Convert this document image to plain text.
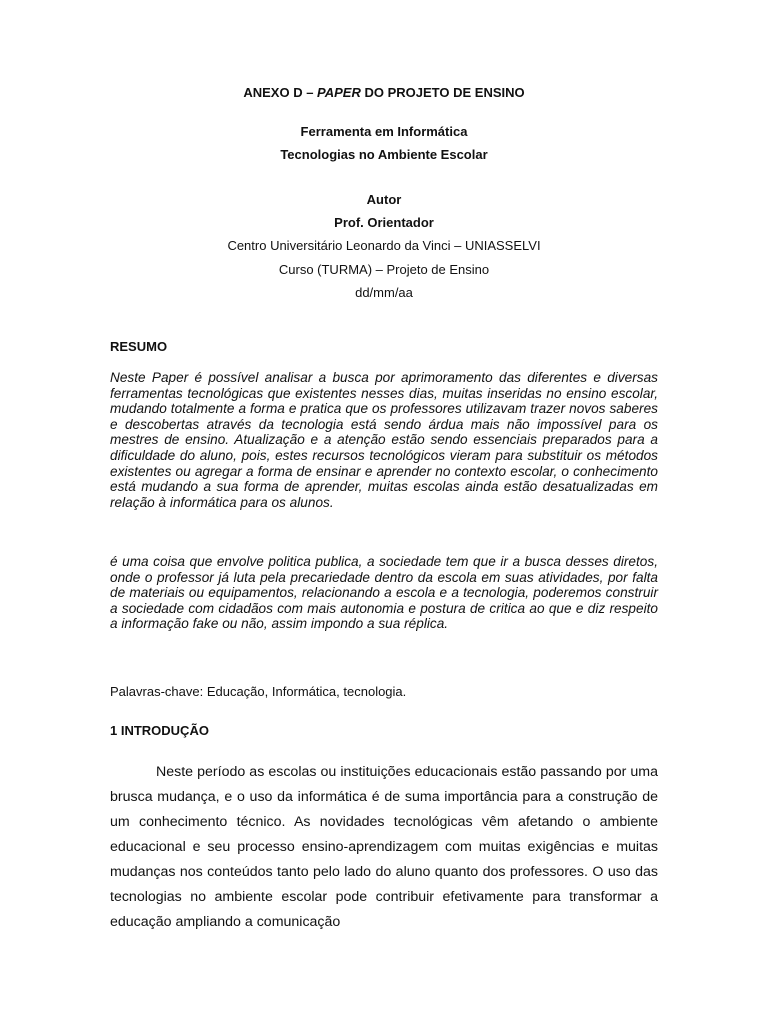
ANEXO D – PAPER DO PROJETO DE ENSINO
Ferramenta em Informática
Tecnologias no Ambiente Escolar
Autor
Prof. Orientador
Centro Universitário Leonardo da Vinci – UNIASSELVI
Curso (TURMA) – Projeto de Ensino
dd/mm/aa
RESUMO

Neste Paper é possível analisar a busca por aprimoramento das diferentes e diversas ferramentas tecnológicas que existentes nesses dias, muitas inseridas no ensino escolar, mudando totalmente a forma e pratica que os professores utilizavam trazer novos saberes e descobertas através da tecnologia está sendo árdua mais não impossível para os mestres de ensino. Atualização e a atenção estão sendo essenciais preparados para a dificuldade do aluno, pois, estes recursos tecnológicos vieram para substituir os métodos existentes ou agregar a forma de ensinar e aprender no contexto escolar, o conhecimento está mudando a sua forma de aprender, muitas escolas ainda estão desatualizadas em relação à informática para os alunos.

é uma coisa que envolve politica publica, a sociedade tem que ir a busca desses diretos, onde o professor já luta pela precariedade dentro da escola em suas atividades, por falta de materiais ou equipamentos, relacionando a escola e a tecnologia, poderemos construir a sociedade com cidadãos com mais autonomia e postura de critica ao que e diz respeito a informação fake ou não, assim impondo a sua réplica.

Palavras-chave: Educação, Informática, tecnologia.
1 INTRODUÇÃO

Neste período as escolas ou instituições educacionais estão passando por uma brusca mudança, e o uso da informática é de suma importância para a construção de um conhecimento técnico. As novidades tecnológicas vêm afetando o ambiente educacional e seu processo ensino-aprendizagem com muitas exigências e muitas mudanças nos conteúdos tanto pelo lado do aluno quanto dos professores. O uso das tecnologias no ambiente escolar pode contribuir efetivamente para transformar a educação ampliando a comunicação
